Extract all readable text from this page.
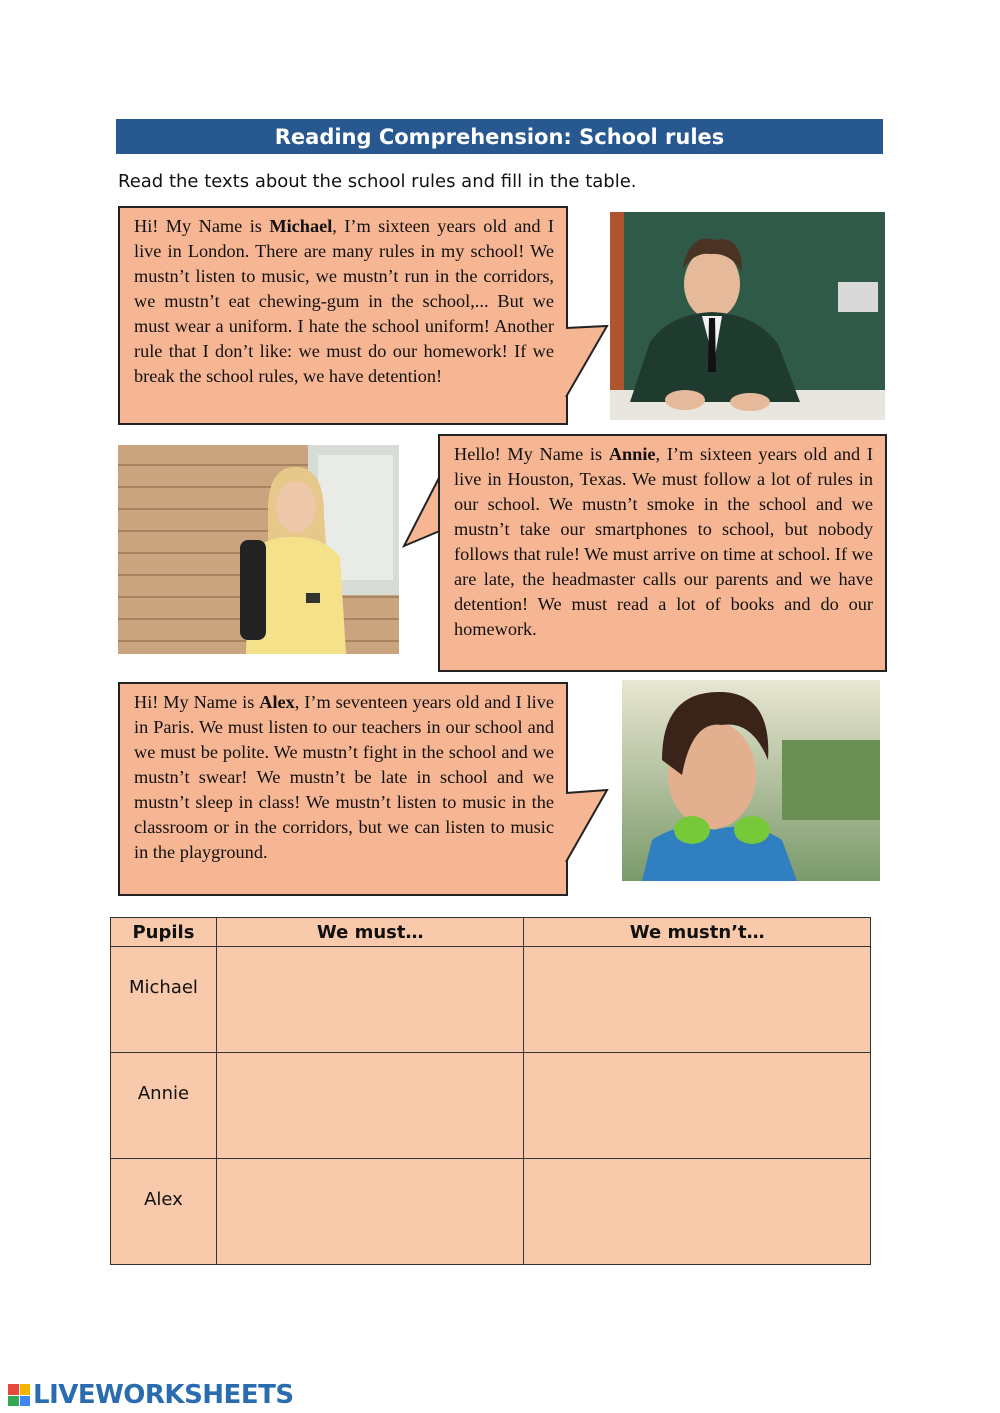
Reading Comprehension: School rules
Read the texts about the school rules and fill in the table.

Hi! My Name is Michael, I’m sixteen years old and I live in London. There are many rules in my school! We mustn’t listen to music, we mustn’t run in the corridors, we mustn’t eat chewing-gum in the school,... But we must wear a uniform. I hate the school uniform! Another rule that I don’t like: we must do our homework! If we break the school rules, we have detention!

Hello! My Name is Annie, I’m sixteen years old and I live in Houston, Texas. We must follow a lot of rules in our school. We mustn’t smoke in the school and we mustn’t take our smartphones to school, but nobody follows that rule! We must arrive on time at school. If we are late, the headmaster calls our parents and we have detention! We must read a lot of books and do our homework.

Hi! My Name is Alex, I’m seventeen years old and I live in Paris. We must listen to our teachers in our school and we must be polite. We mustn’t fight in the school and we mustn’t swear! We mustn’t be late in school and we mustn’t sleep in class! We mustn’t listen to music in the classroom or in the corridors, but we can listen to music in the playground.

Pupils	We must…	We mustn’t…
Michael		
Annie		
Alex		
LIVEWORKSHEETS
